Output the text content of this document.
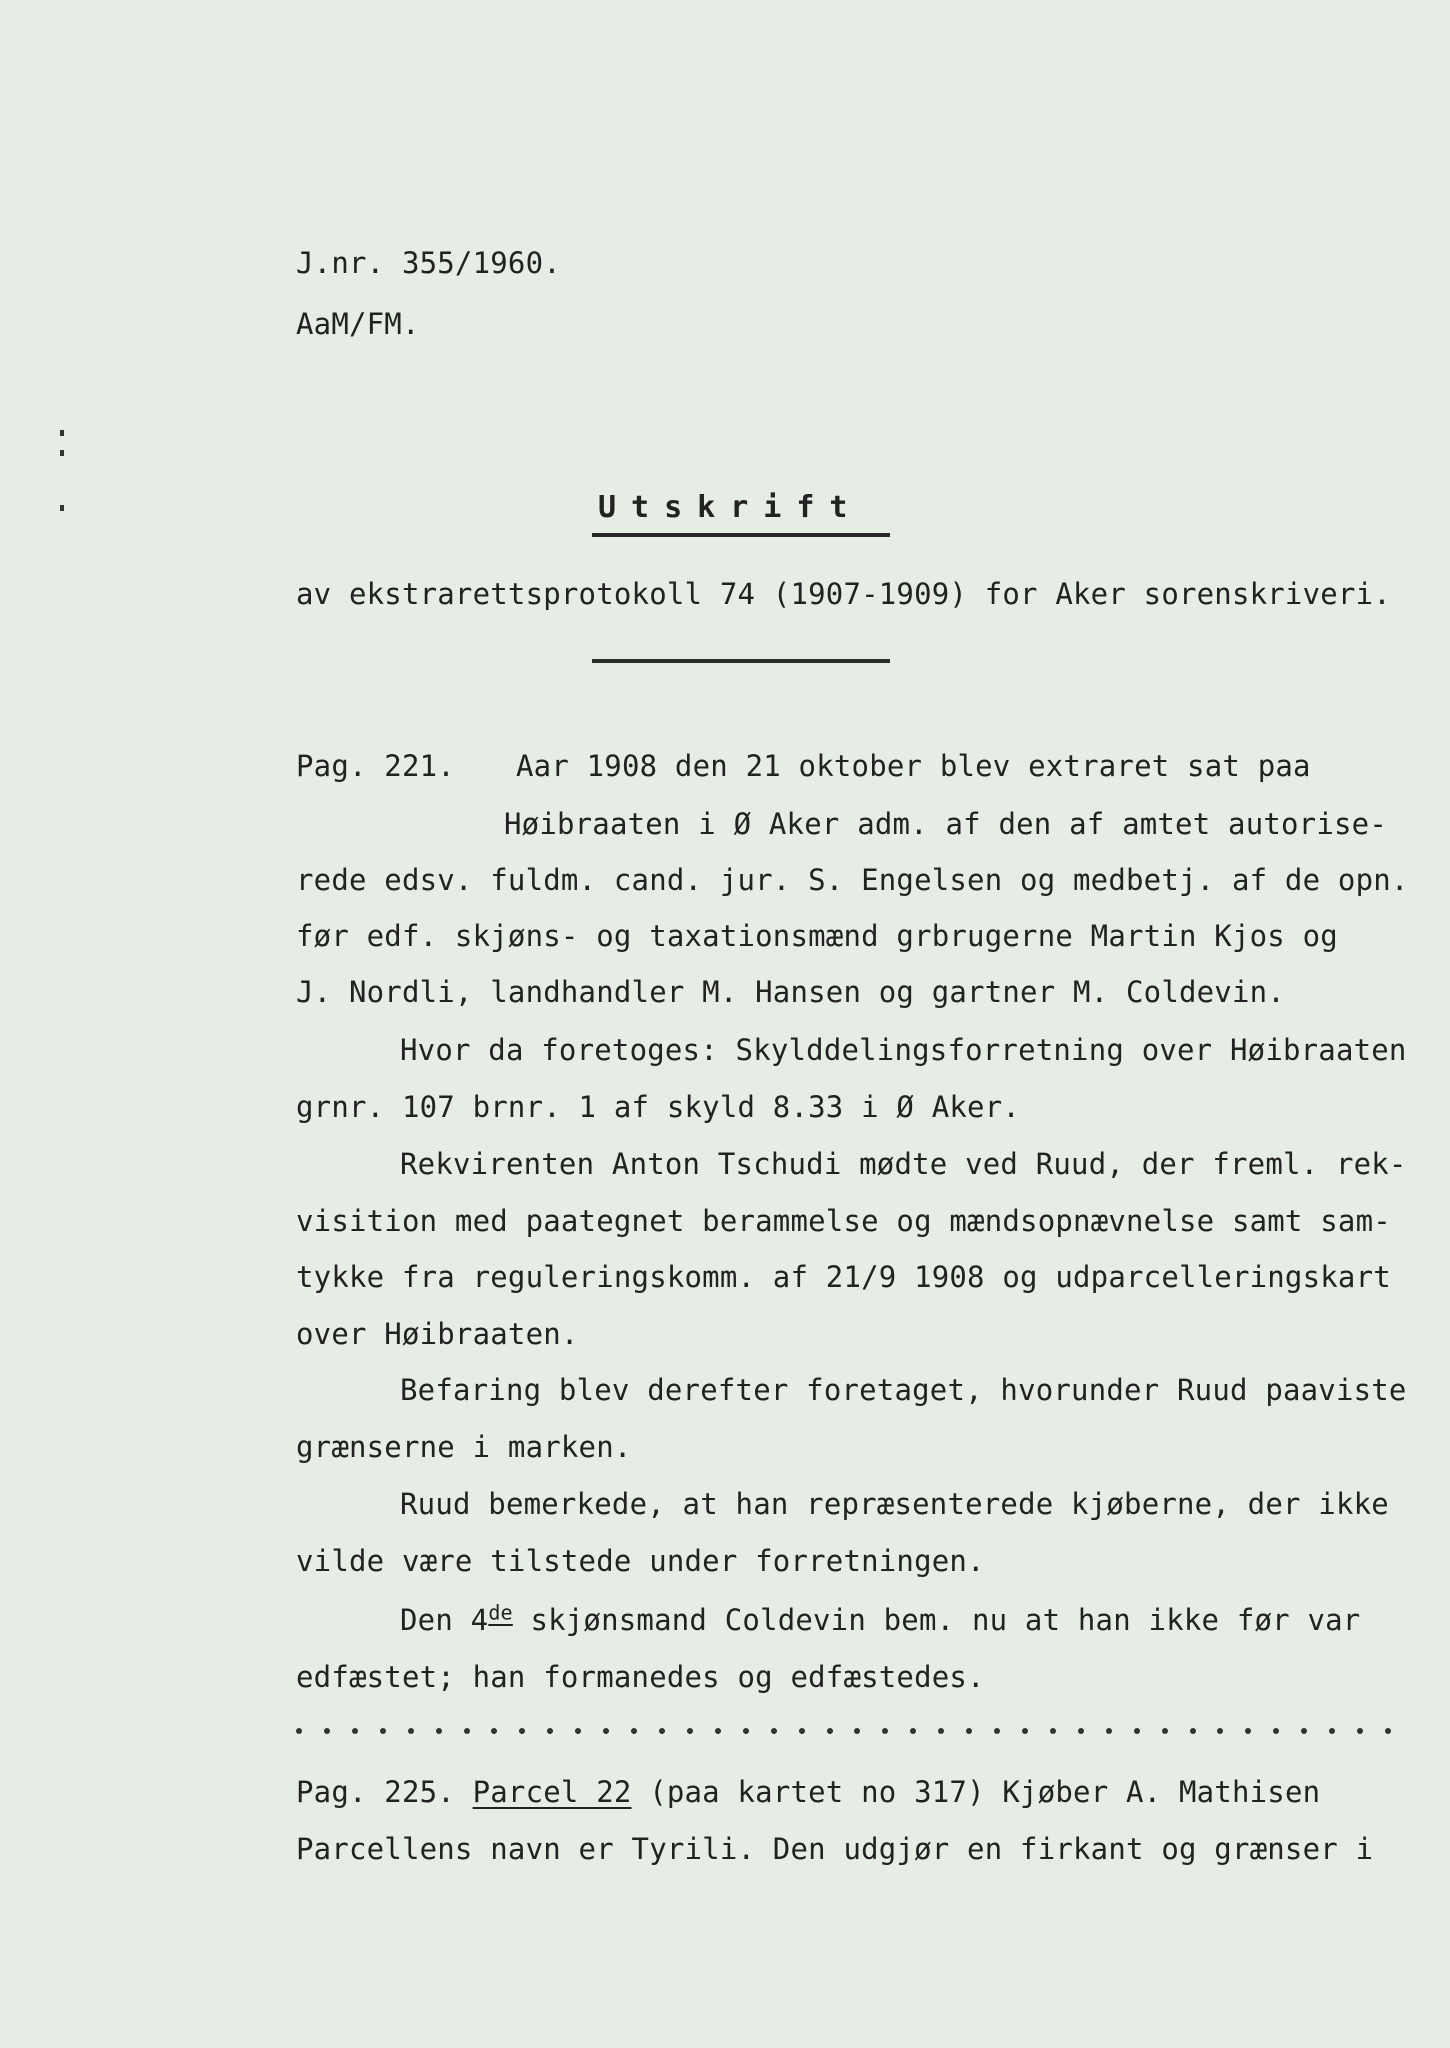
J.nr. 355/1960.
AaM/FM.
Utskrift
av ekstrarettsprotokoll 74 (1907-1909) for Aker sorenskriveri.
Pag. 221. Aar 1908 den 21 oktober blev extraret sat paa
Høibraaten i Ø Aker adm. af den af amtet autorise-
rede edsv. fuldm. cand. jur. S. Engelsen og medbetj. af de opn.
før edf. skjøns- og taxationsmænd grbrugerne Martin Kjos og
J. Nordli, landhandler M. Hansen og gartner M. Coldevin.
Hvor da foretoges: Skylddelingsforretning over Høibraaten
grnr. 107 brnr. 1 af skyld 8.33 i Ø Aker.
Rekvirenten Anton Tschudi mødte ved Ruud, der freml. rek-
visition med paategnet berammelse og mændsopnævnelse samt sam-
tykke fra reguleringskomm. af 21/9 1908 og udparcelleringskart
over Høibraaten.
Befaring blev derefter foretaget, hvorunder Ruud paaviste
grænserne i marken.
Ruud bemerkede, at han repræsenterede kjøberne, der ikke
vilde være tilstede under forretningen.
Den 4de skjønsmand Coldevin bem. nu at han ikke før var
edfæstet; han formanedes og edfæstedes.
Pag. 225. Parcel 22 (paa kartet no 317) Kjøber A. Mathisen
Parcellens navn er Tyrili. Den udgjør en firkant og grænser i
